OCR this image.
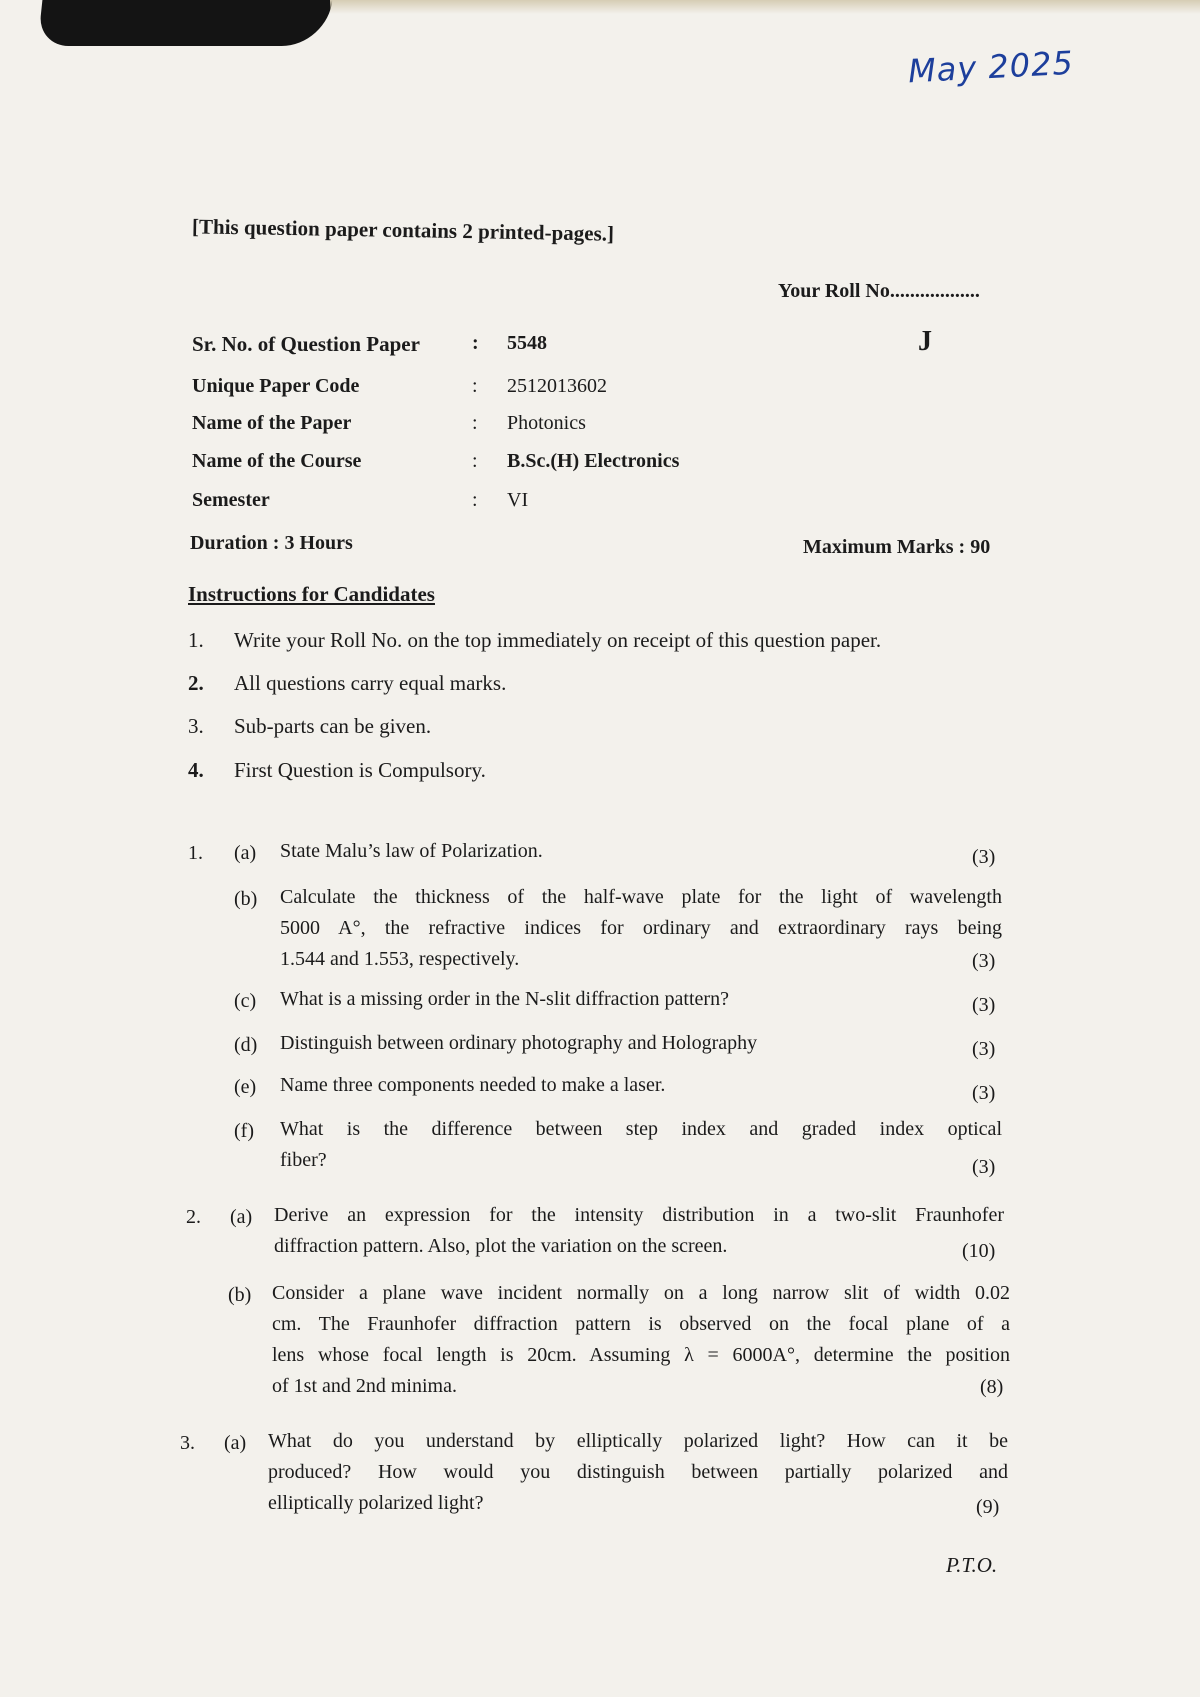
May 2025
[This question paper contains 2 printed-pages.]
Your Roll No..................
Sr. No. of Question Paper	: 5548	J
Unique Paper Code	: 2512013602
Name of the Paper	: Photonics
Name of the Course	: B.Sc.(H) Electronics
Semester	: VI
Duration : 3 Hours	Maximum Marks : 90
Instructions for Candidates
1. Write your Roll No. on the top immediately on receipt of this question paper.
2. All questions carry equal marks.
3. Sub-parts can be given.
4. First Question is Compulsory.
1. (a) State Malu’s law of Polarization.	(3)
(b) Calculate the thickness of the half-wave plate for the light of wavelength
5000 A°, the refractive indices for ordinary and extraordinary rays being
1.544 and 1.553, respectively.	(3)
(c) What is a missing order in the N-slit diffraction pattern?	(3)
(d) Distinguish between ordinary photography and Holography	(3)
(e) Name three components needed to make a laser.	(3)
(f) What is the difference between step index and graded index optical
fiber?	(3)
2. (a) Derive an expression for the intensity distribution in a two-slit Fraunhofer
diffraction pattern. Also, plot the variation on the screen.	(10)
(b) Consider a plane wave incident normally on a long narrow slit of width 0.02
cm. The Fraunhofer diffraction pattern is observed on the focal plane of a
lens whose focal length is 20cm. Assuming λ = 6000A°, determine the position
of 1st and 2nd minima.	(8)
3. (a) What do you understand by elliptically polarized light? How can it be
produced? How would you distinguish between partially polarized and
elliptically polarized light?	(9)
P.T.O.
